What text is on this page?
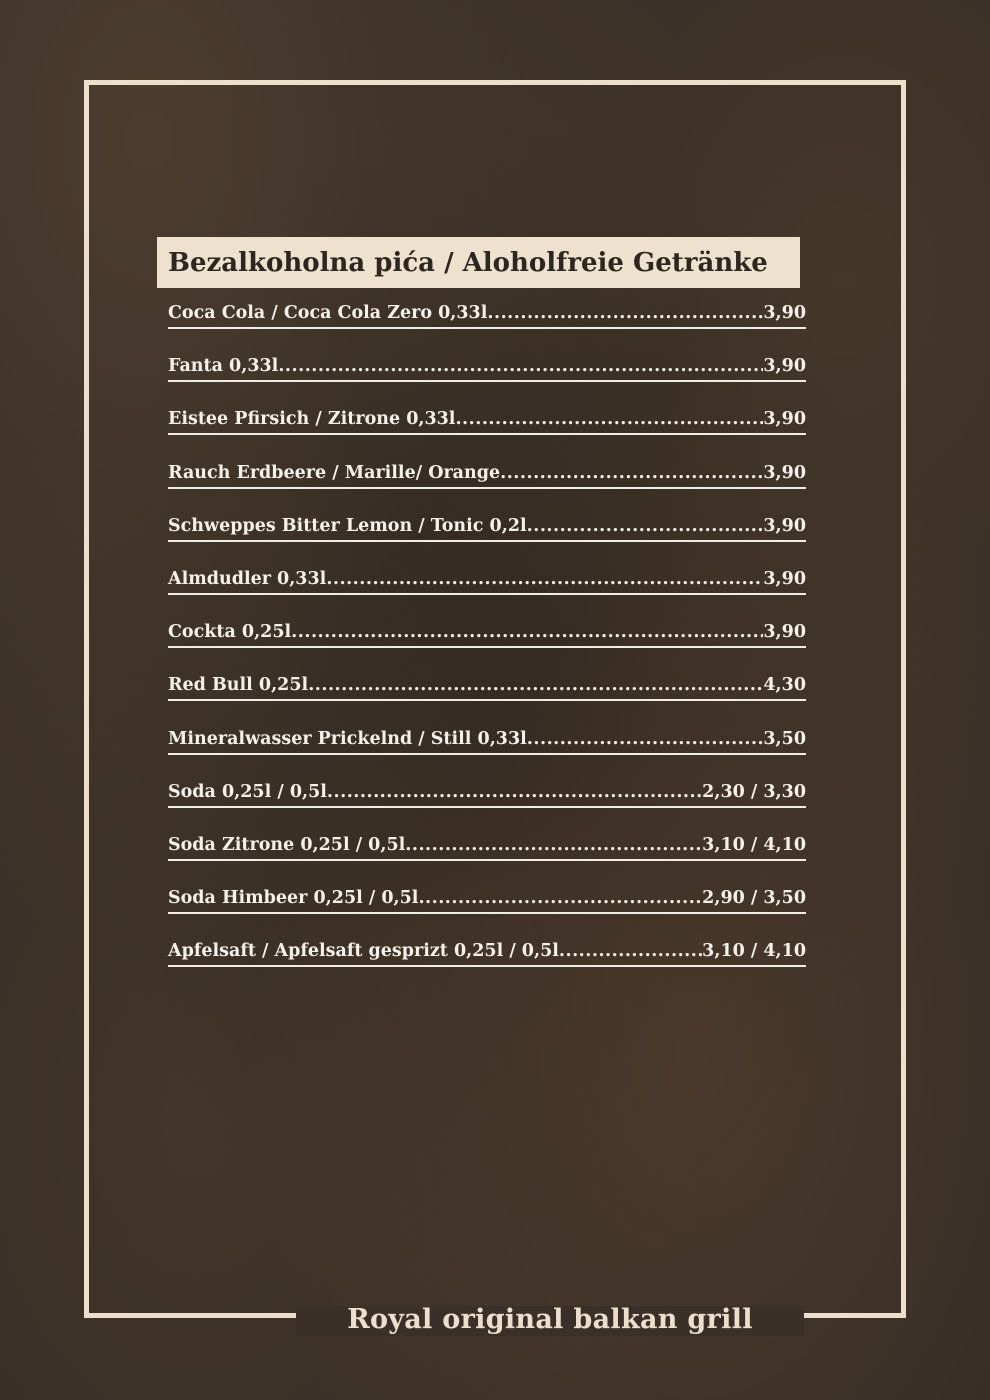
Royal original balkan grill
Bezalkoholna pića / Aloholfreie Getränke
Coca Cola / Coca Cola Zero 0,33l .....	3,90
Fanta 0,33l .....	3,90
Eistee Pfirsich / Zitrone 0,33l .....	3,90
Rauch Erdbeere / Marille/ Orange .....	3,90
Schweppes Bitter Lemon / Tonic 0,2l .....	3,90
Almdudler 0,33l .....	3,90
Cockta 0,25l .....	3,90
Red Bull 0,25l .....	4,30
Mineralwasser Prickelnd / Still 0,33l .....	3,50
Soda 0,25l / 0,5l .....	2,30 / 3,30
Soda Zitrone 0,25l / 0,5l .....	3,10 / 4,10
Soda Himbeer 0,25l / 0,5l .....	2,90 / 3,50
Apfelsaft / Apfelsaft gesprizt 0,25l / 0,5l .....	3,10 / 4,10
